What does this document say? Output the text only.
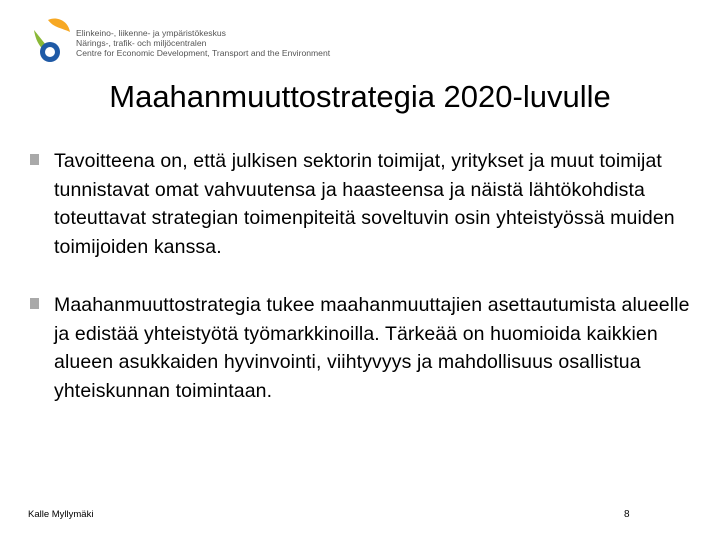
Elinkeino-, liikenne- ja ympäristökeskus
Närings-, trafik- och miljöcentralen
Centre for Economic Development, Transport and the Environment
Maahanmuuttostrategia 2020-luvulle
Tavoitteena on, että julkisen sektorin toimijat, yritykset ja muut toimijat tunnistavat omat vahvuutensa ja haasteensa ja näistä lähtökohdista toteuttavat strategian toimenpiteitä soveltuvin osin yhteistyössä muiden toimijoiden kanssa.
Maahanmuuttostrategia tukee maahanmuuttajien asettautumista alueelle ja edistää yhteistyötä työmarkkinoilla. Tärkeää on huomioida kaikkien alueen asukkaiden hyvinvointi, viihtyvyys ja mahdollisuus osallistua yhteiskunnan toimintaan.
Kalle Myllymäki	8
